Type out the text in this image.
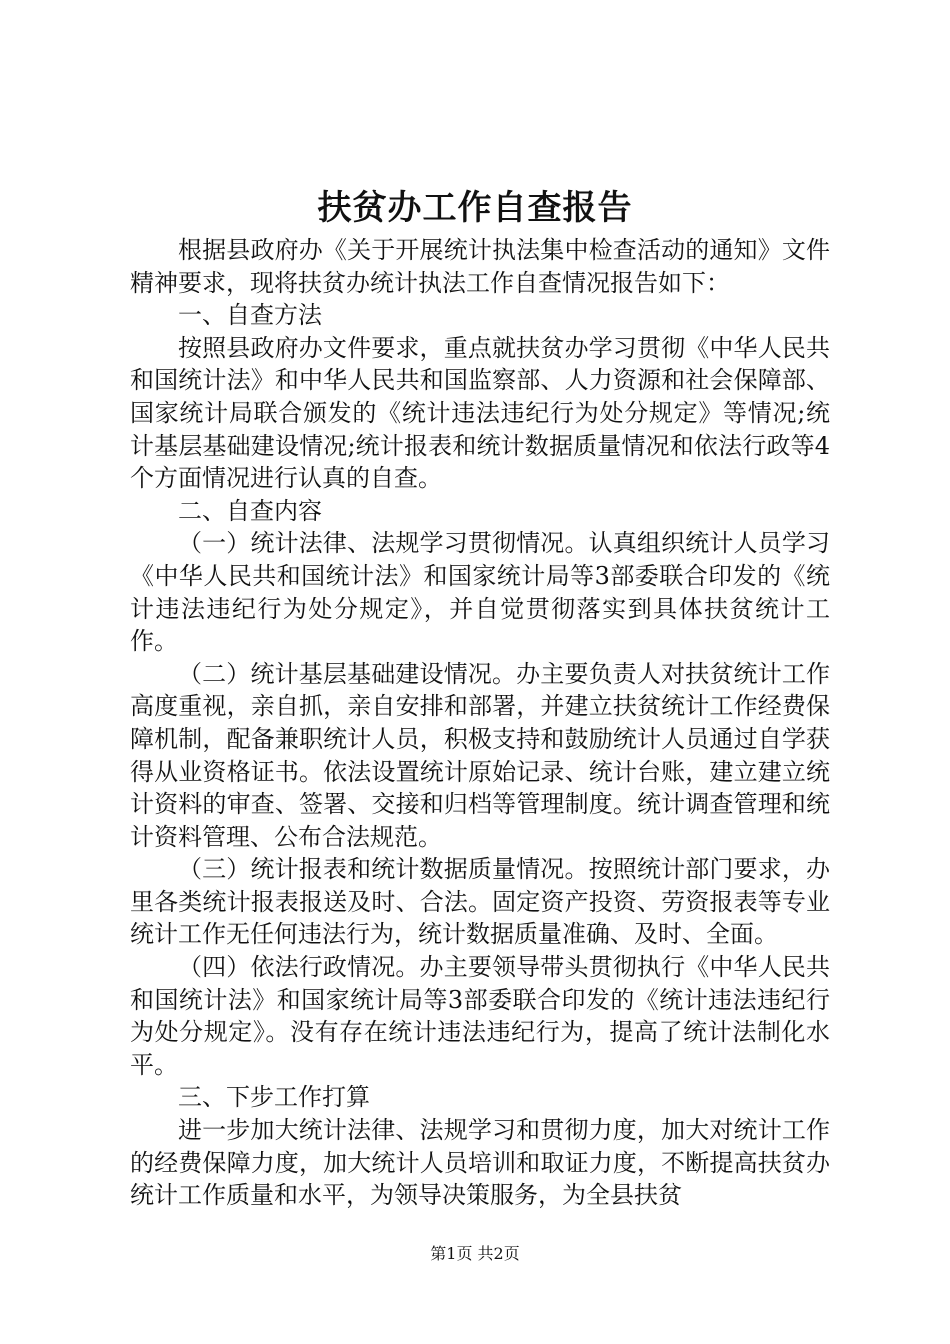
扶贫办工作自查报告

根据县政府办《关于开展统计执法集中检查活动的通知》文件精神要求，现将扶贫办统计执法工作自查情况报告如下：

一、自查方法

按照县政府办文件要求，重点就扶贫办学习贯彻《中华人民共和国统计法》和中华人民共和国监察部、人力资源和社会保障部、国家统计局联合颁发的《统计违法违纪行为处分规定》等情况;统计基层基础建设情况;统计报表和统计数据质量情况和依法行政等4个方面情况进行认真的自查。

二、自查内容

（一）统计法律、法规学习贯彻情况。认真组织统计人员学习《中华人民共和国统计法》和国家统计局等3部委联合印发的《统计违法违纪行为处分规定》，并自觉贯彻落实到具体扶贫统计工作。

（二）统计基层基础建设情况。办主要负责人对扶贫统计工作高度重视，亲自抓，亲自安排和部署，并建立扶贫统计工作经费保障机制，配备兼职统计人员，积极支持和鼓励统计人员通过自学获得从业资格证书。依法设置统计原始记录、统计台账，建立建立统计资料的审查、签署、交接和归档等管理制度。统计调查管理和统计资料管理、公布合法规范。

（三）统计报表和统计数据质量情况。按照统计部门要求，办里各类统计报表报送及时、合法。固定资产投资、劳资报表等专业统计工作无任何违法行为，统计数据质量准确、及时、全面。

（四）依法行政情况。办主要领导带头贯彻执行《中华人民共和国统计法》和国家统计局等3部委联合印发的《统计违法违纪行为处分规定》。没有存在统计违法违纪行为，提高了统计法制化水平。

三、下步工作打算

进一步加大统计法律、法规学习和贯彻力度，加大对统计工作的经费保障力度，加大统计人员培训和取证力度，不断提高扶贫办统计工作质量和水平，为领导决策服务，为全县扶贫

第1页 共2页
